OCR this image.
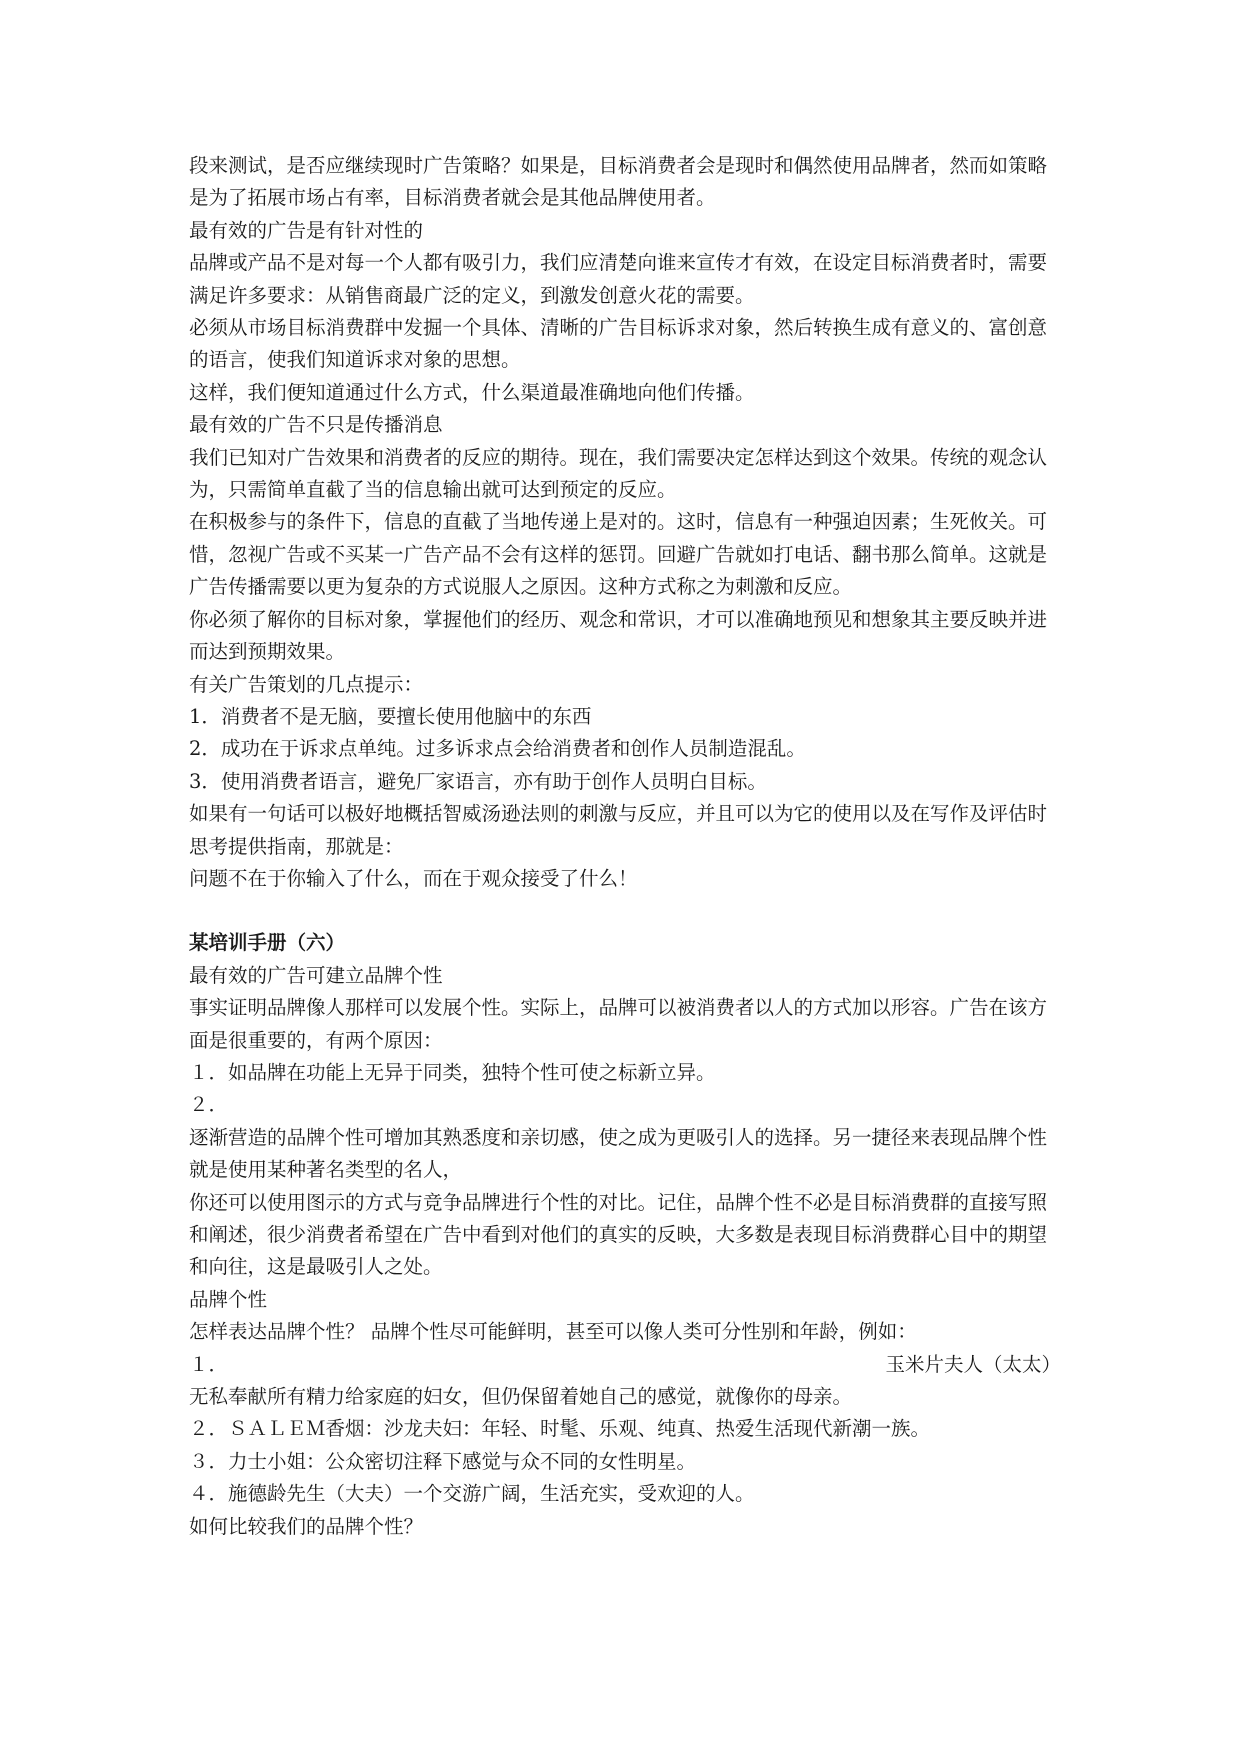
段来测试，是否应继续现时广告策略？如果是，目标消费者会是现时和偶然使用品牌者，然而如策略是为了拓展市场占有率，目标消费者就会是其他品牌使用者。

最有效的广告是有针对性的

品牌或产品不是对每一个人都有吸引力，我们应清楚向谁来宣传才有效，在设定目标消费者时，需要满足许多要求：从销售商最广泛的定义，到激发创意火花的需要。

必须从市场目标消费群中发掘一个具体、清晰的广告目标诉求对象，然后转换生成有意义的、富创意的语言，使我们知道诉求对象的思想。

这样，我们便知道通过什么方式，什么渠道最准确地向他们传播。

最有效的广告不只是传播消息

我们已知对广告效果和消费者的反应的期待。现在，我们需要决定怎样达到这个效果。传统的观念认为，只需简单直截了当的信息输出就可达到预定的反应。

在积极参与的条件下，信息的直截了当地传递上是对的。这时，信息有一种强迫因素；生死攸关。可惜，忽视广告或不买某一广告产品不会有这样的惩罚。回避广告就如打电话、翻书那么简单。这就是广告传播需要以更为复杂的方式说服人之原因。这种方式称之为刺激和反应。

你必须了解你的目标对象，掌握他们的经历、观念和常识，才可以准确地预见和想象其主要反映并进而达到预期效果。

有关广告策划的几点提示：

1．消费者不是无脑，要擅长使用他脑中的东西

2．成功在于诉求点单纯。过多诉求点会给消费者和创作人员制造混乱。

3．使用消费者语言，避免厂家语言，亦有助于创作人员明白目标。

如果有一句话可以极好地概括智威汤逊法则的刺激与反应，并且可以为它的使用以及在写作及评估时思考提供指南，那就是：

问题不在于你输入了什么，而在于观众接受了什么！

某培训手册（六）

最有效的广告可建立品牌个性

事实证明品牌像人那样可以发展个性。实际上，品牌可以被消费者以人的方式加以形容。广告在该方面是很重要的，有两个原因：

１．如品牌在功能上无异于同类，独特个性可使之标新立异。

２．

逐渐营造的品牌个性可增加其熟悉度和亲切感，使之成为更吸引人的选择。另一捷径来表现品牌个性就是使用某种著名类型的名人，

你还可以使用图示的方式与竞争品牌进行个性的对比。记住，品牌个性不必是目标消费群的直接写照和阐述，很少消费者希望在广告中看到对他们的真实的反映，大多数是表现目标消费群心目中的期望和向往，这是最吸引人之处。

品牌个性

怎样表达品牌个性？ 品牌个性尽可能鲜明，甚至可以像人类可分性别和年龄，例如：

１．	玉米片夫人（太太）

无私奉献所有精力给家庭的妇女，但仍保留着她自己的感觉，就像你的母亲。

２．ＳＡＬＥＭ香烟：沙龙夫妇：年轻、时髦、乐观、纯真、热爱生活现代新潮一族。

３．力士小姐：公众密切注释下感觉与众不同的女性明星。

４．施德龄先生（大夫）一个交游广阔，生活充实，受欢迎的人。

如何比较我们的品牌个性？
